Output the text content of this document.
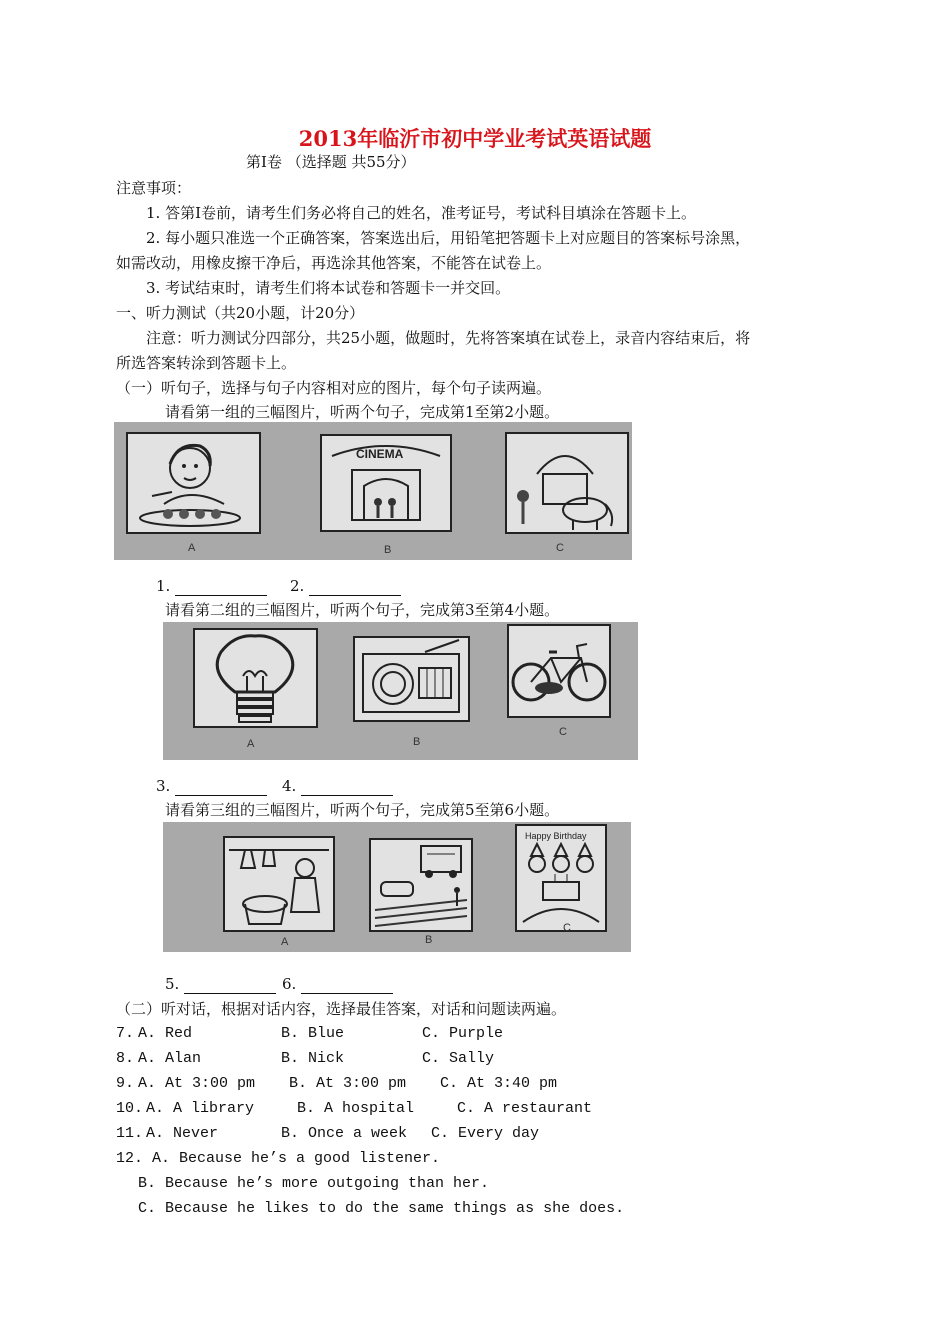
2013年临沂市初中学业考试英语试题
第Ⅰ卷 （选择题 共55分）
注意事项：
1. 答第Ⅰ卷前，请考生们务必将自己的姓名，准考证号，考试科目填涂在答题卡上。
2. 每小题只准选一个正确答案，答案选出后，用铅笔把答题卡上对应题目的答案标号涂黑，
如需改动，用橡皮擦干净后，再选涂其他答案，不能答在试卷上。
3. 考试结束时，请考生们将本试卷和答题卡一并交回。
一、听力测试（共20小题，计20分）
注意：听力测试分四部分，共25小题，做题时，先将答案填在试卷上，录音内容结束后，将
所选答案转涂到答题卡上。
（一）听句子，选择与句子内容相对应的图片，每个句子读两遍。
请看第一组的三幅图片，听两个句子，完成第1至第2小题。
CINEMA
A	B	C
1.	2.
请看第二组的三幅图片，听两个句子，完成第3至第4小题。
A	B
C
3.	4.
请看第三组的三幅图片，听两个句子，完成第5至第6小题。
Happy Birthday
A	B
C
5.	6.
（二）听对话，根据对话内容，选择最佳答案，对话和问题读两遍。
7. A. Red	B. Blue	C. Purple
8. A. Alan	B. Nick	C. Sally
9. A. At 3:00 pm B. At 3:00 pm C. At 3:40 pm
10. A. A library	B. A hospital	C. A restaurant
11. A. Never	B. Once a week C. Every day
12. A. Because he’s a good listener.
B. Because he’s more outgoing than her.
C. Because he likes to do the same things as she does.
